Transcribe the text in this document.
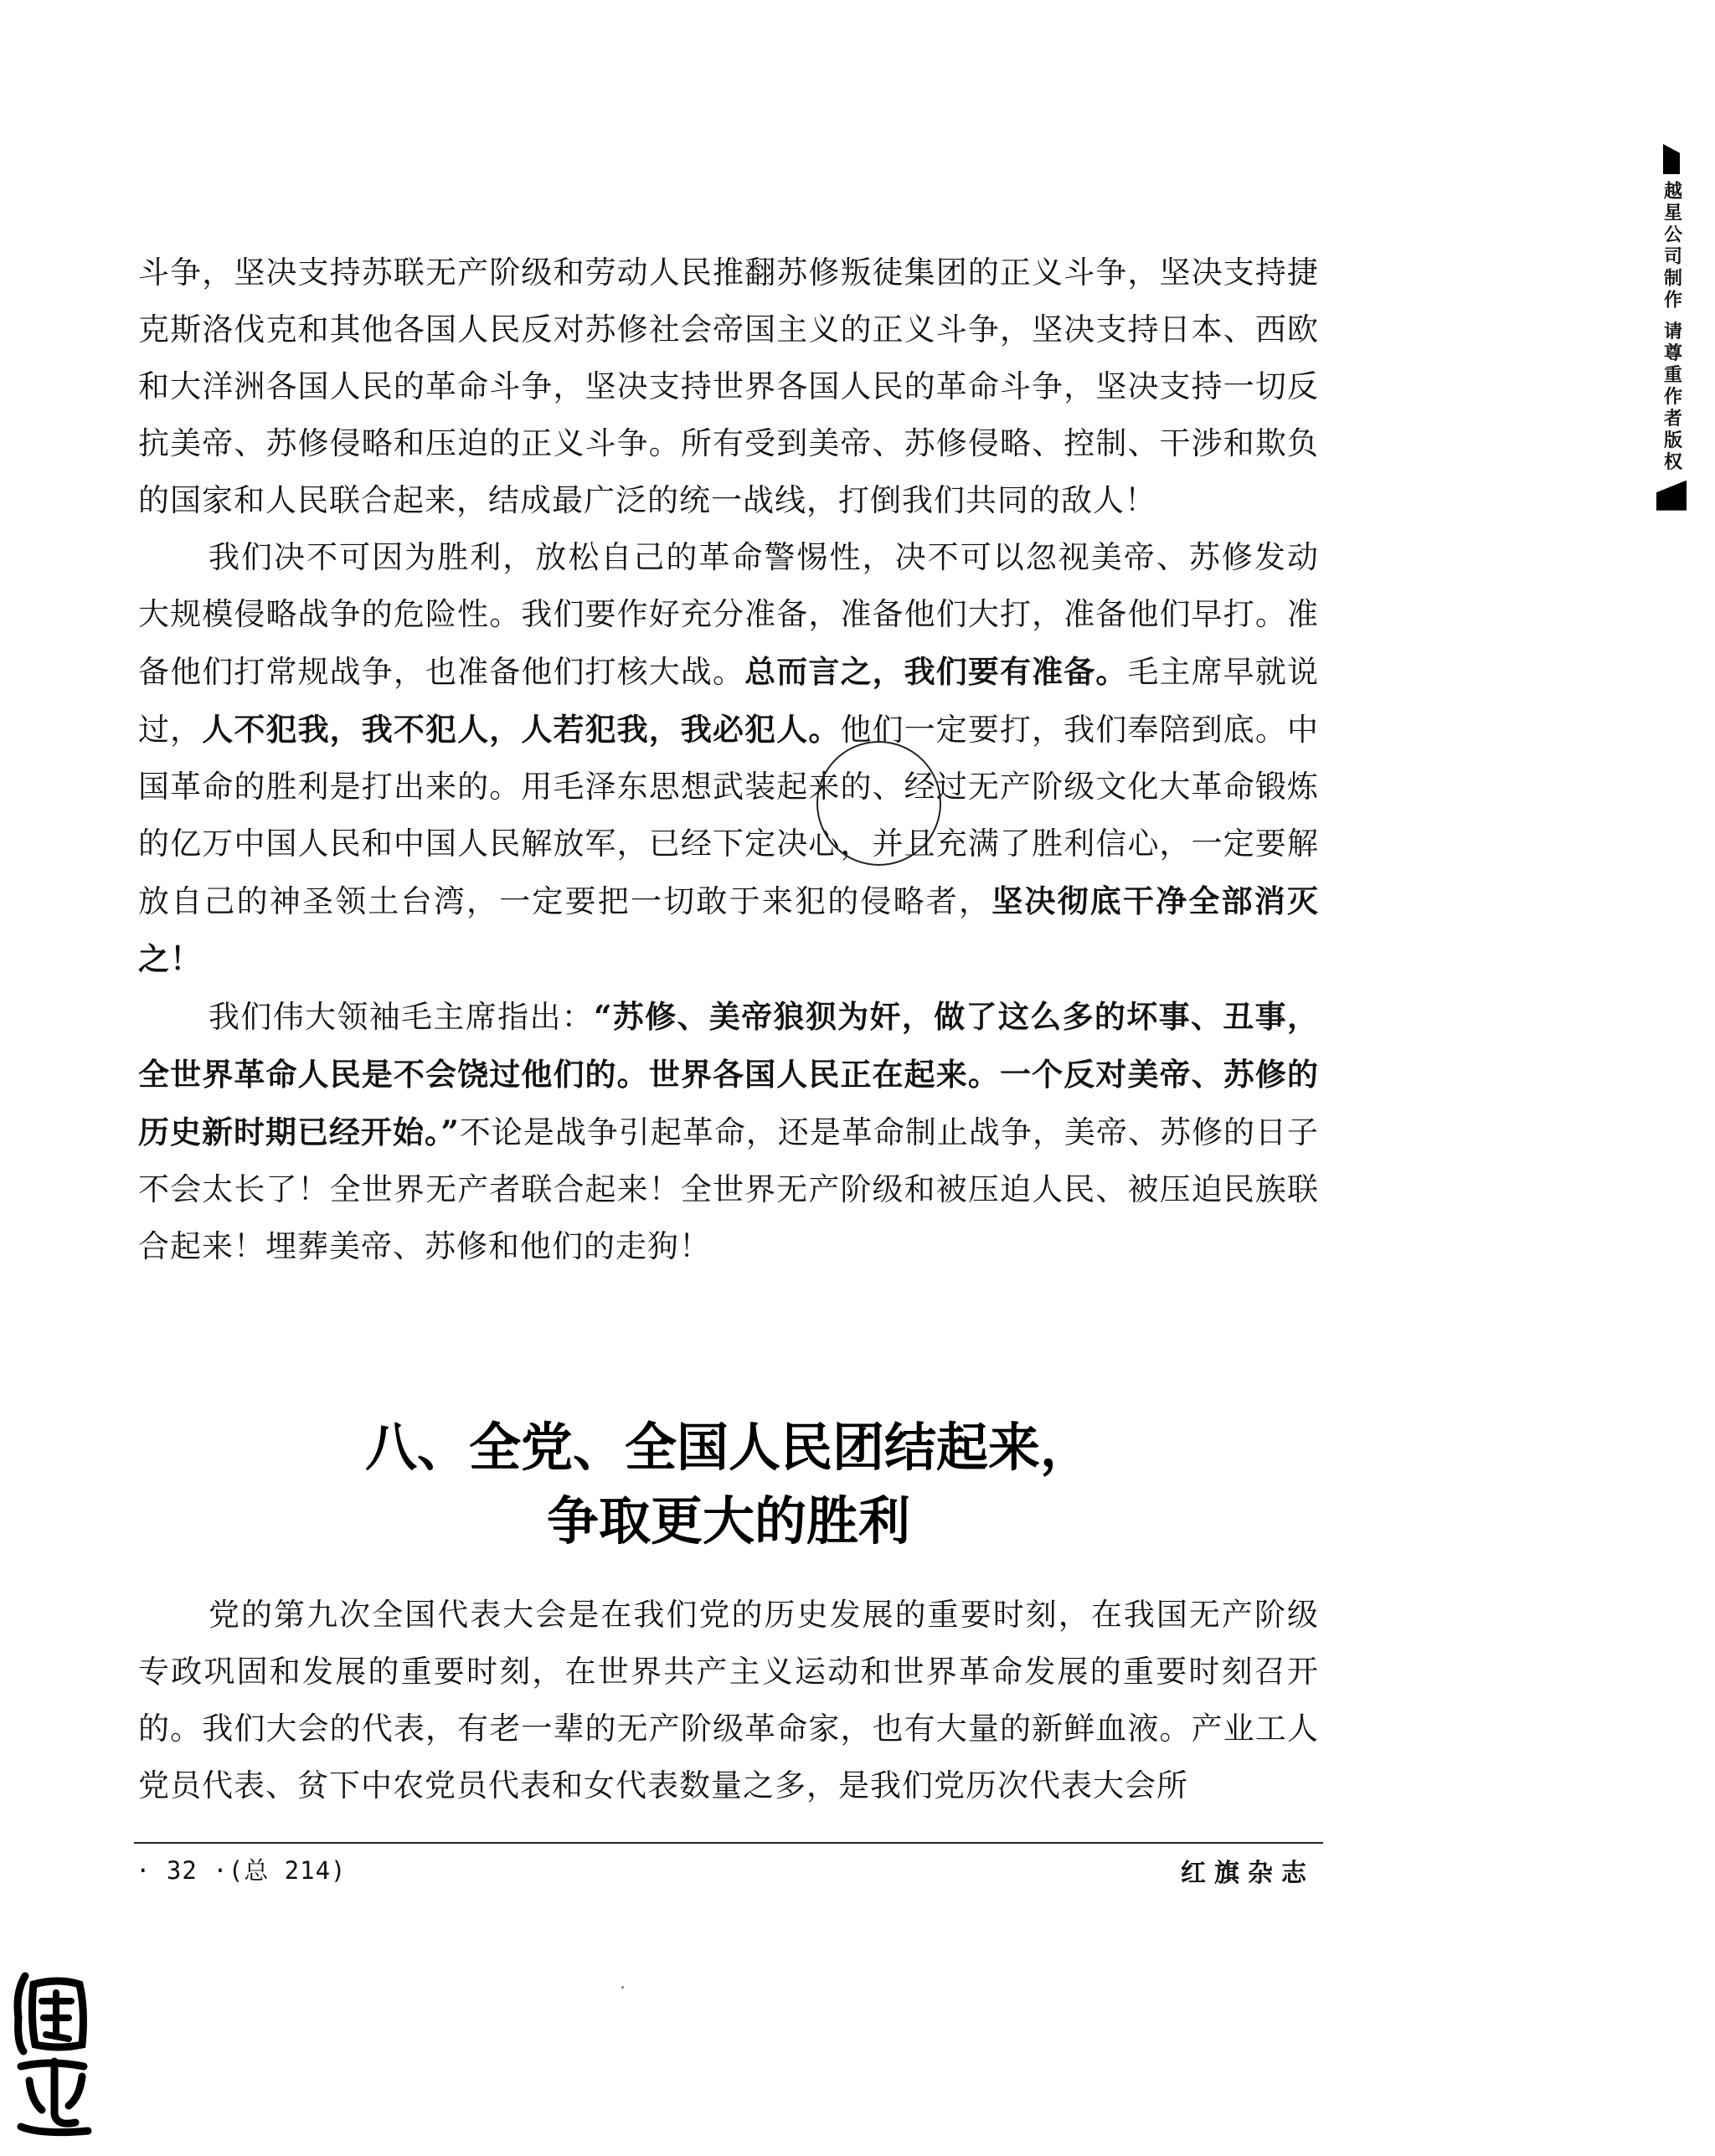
越星公司制作 请尊重作者版权

斗争，坚决支持苏联无产阶级和劳动人民推翻苏修叛徒集团的正义斗争，坚决支持捷克斯洛伐克和其他各国人民反对苏修社会帝国主义的正义斗争，坚决支持日本、西欧和大洋洲各国人民的革命斗争，坚决支持世界各国人民的革命斗争，坚决支持一切反抗美帝、苏修侵略和压迫的正义斗争。所有受到美帝、苏修侵略、控制、干涉和欺负的国家和人民联合起来，结成最广泛的统一战线，打倒我们共同的敌人！

我们决不可因为胜利，放松自己的革命警惕性，决不可以忽视美帝、苏修发动大规模侵略战争的危险性。我们要作好充分准备，准备他们大打，准备他们早打。准备他们打常规战争，也准备他们打核大战。总而言之，我们要有准备。毛主席早就说过，人不犯我，我不犯人，人若犯我，我必犯人。他们一定要打，我们奉陪到底。中国革命的胜利是打出来的。用毛泽东思想武装起来的、经过无产阶级文化大革命锻炼的亿万中国人民和中国人民解放军，已经下定决心，并且充满了胜利信心，一定要解放自己的神圣领土台湾，一定要把一切敢于来犯的侵略者，坚决彻底干净全部消灭之！

我们伟大领袖毛主席指出：“苏修、美帝狼狈为奸，做了这么多的坏事、丑事，全世界革命人民是不会饶过他们的。世界各国人民正在起来。一个反对美帝、苏修的历史新时期已经开始。”不论是战争引起革命，还是革命制止战争，美帝、苏修的日子不会太长了！全世界无产者联合起来！全世界无产阶级和被压迫人民、被压迫民族联合起来！埋葬美帝、苏修和他们的走狗！

八、全党、全国人民团结起来，
争取更大的胜利

党的第九次全国代表大会是在我们党的历史发展的重要时刻，在我国无产阶级专政巩固和发展的重要时刻，在世界共产主义运动和世界革命发展的重要时刻召开的。我们大会的代表，有老一辈的无产阶级革命家，也有大量的新鲜血液。产业工人党员代表、贫下中农党员代表和女代表数量之多，是我们党历次代表大会所

· 32 ·(总 214)	红旗杂志
